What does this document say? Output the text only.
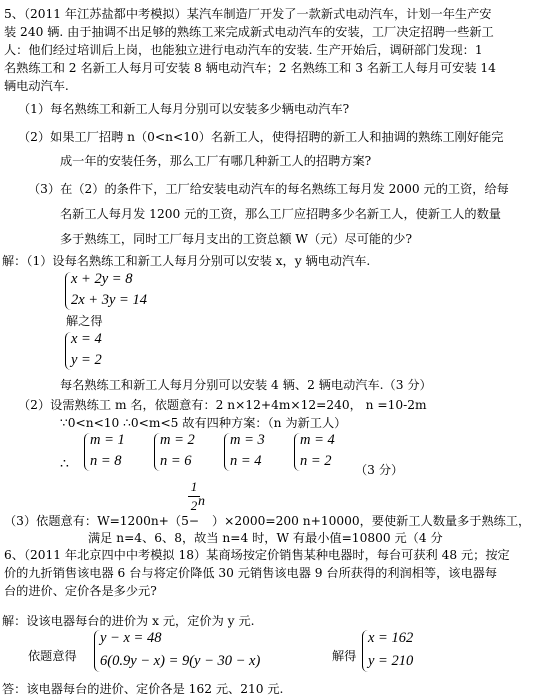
5、（2011 年江苏盐都中考模拟）某汽车制造厂开发了一款新式电动汽车，计划一年生产安
装 240 辆. 由于抽调不出足够的熟练工来完成新式电动汽车的安装，工厂决定招聘一些新工
人：他们经过培训后上岗，也能独立进行电动汽车的安装. 生产开始后，调研部门发现：1
名熟练工和 2 名新工人每月可安装 8 辆电动汽车；2 名熟练工和 3 名新工人每月可安装 14
辆电动汽车.
（1）每名熟练工和新工人每月分别可以安装多少辆电动汽车?
（2）如果工厂招聘 n（0<n<10）名新工人，使得招聘的新工人和抽调的熟练工刚好能完
成一年的安装任务，那么工厂有哪几种新工人的招聘方案?
（3）在（2）的条件下，工厂给安装电动汽车的每名熟练工每月发 2000 元的工资，给每
名新工人每月发 1200 元的工资，那么工厂应招聘多少名新工人，使新工人的数量
多于熟练工，同时工厂每月支出的工资总额 W（元）尽可能的少?
解：（1）设每名熟练工和新工人每月分别可以安装 x，y 辆电动汽车.
x + 2y = 8
2x + 3y = 14
解之得
x = 4
y = 2
每名熟练工和新工人每月分别可以安装 4 辆、2 辆电动汽车.（3 分）
（2）设需熟练工 m 名，依题意有：2 n×12+4m×12=240， n =10-2m
∵0<n<10 ∴0<m<5 故有四种方案：（n 为新工人）
∴
m = 1
n = 8
m = 2
n = 6
m = 3
n = 4
m = 4
n = 2
（3 分）
1
2 n
（3）依题意有：W=1200n+（5− ）×2000=200 n+10000，要使新工人数量多于熟练工，
满足 n=4、6、8，故当 n=4 时，W 有最小值=10800 元（4 分
6、（2011 年北京四中中考模拟 18）某商场按定价销售某种电器时，每台可获利 48 元；按定
价的九折销售该电器 6 台与将定价降低 30 元销售该电器 9 台所获得的利润相等，该电器每
台的进价、定价各是多少元?
解：设该电器每台的进价为 x 元，定价为 y 元.
依题意得
y − x = 48
6(0.9y − x) = 9(y − 30 − x)	解得
x = 162
y = 210
答：该电器每台的进价、定价各是 162 元、210 元.
